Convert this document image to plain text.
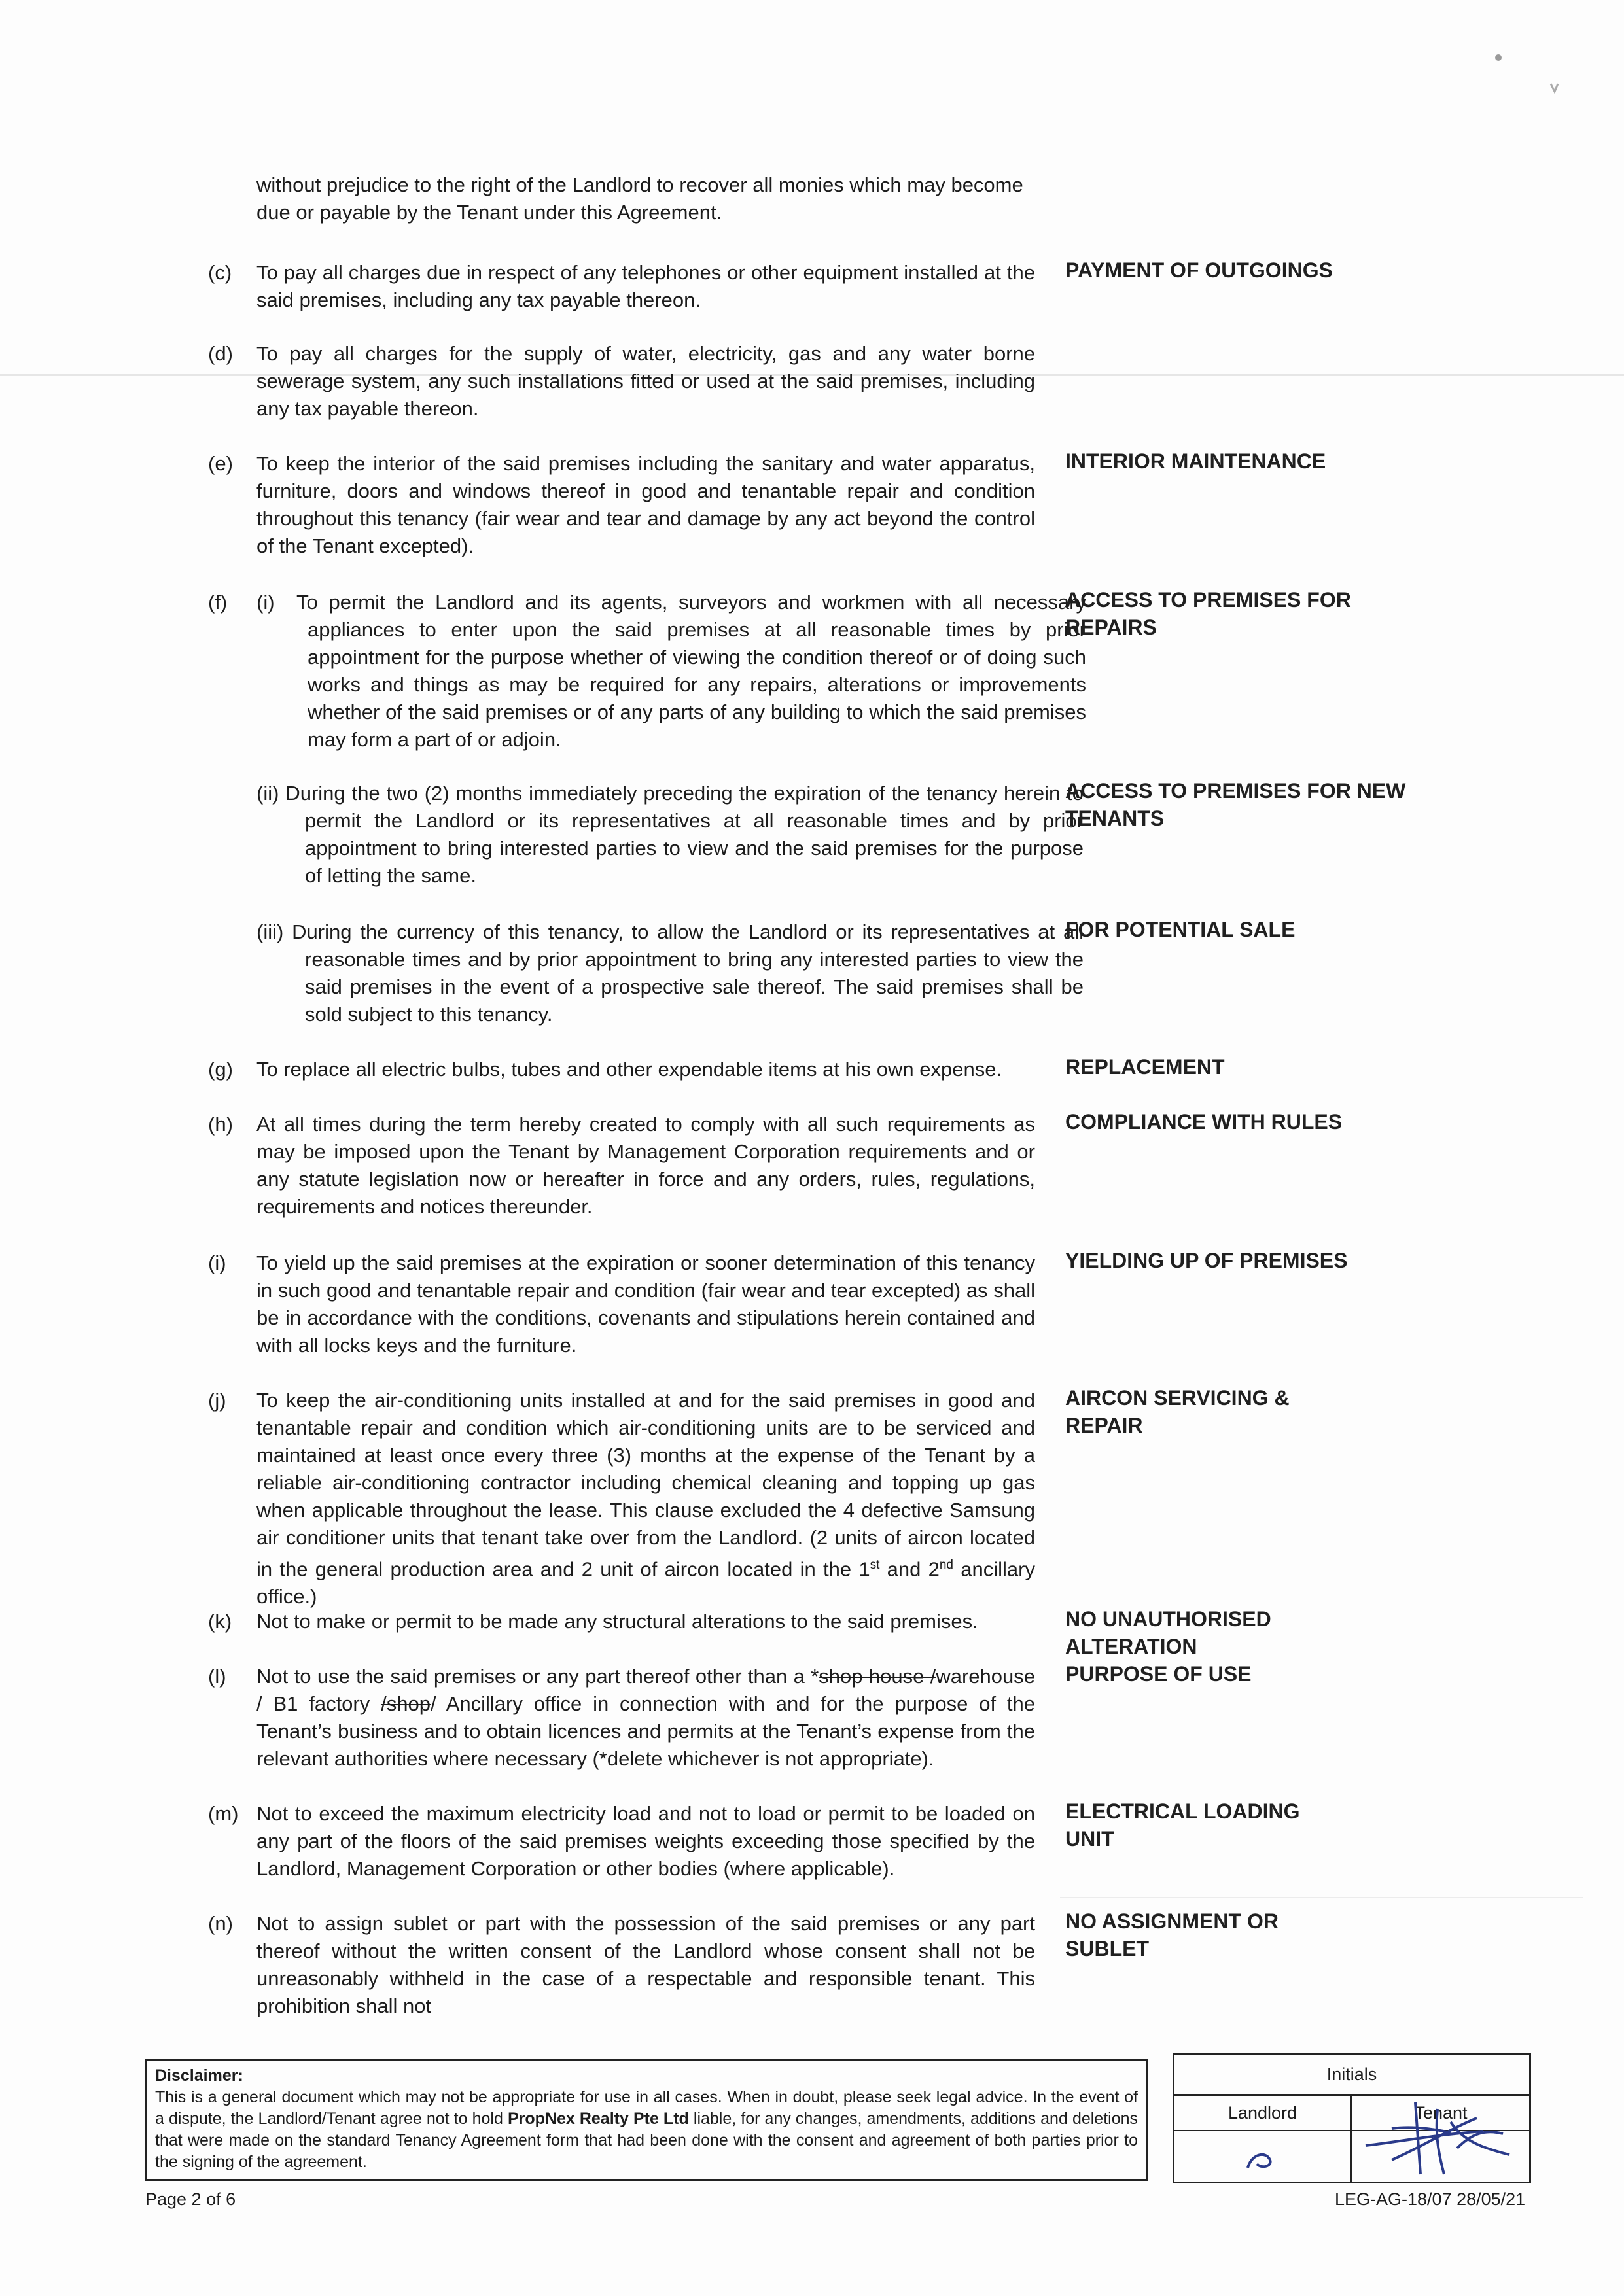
without prejudice to the right of the Landlord to recover all monies which may become due or payable by the Tenant under this Agreement.
(c) To pay all charges due in respect of any telephones or other equipment installed at the said premises, including any tax payable thereon.
PAYMENT OF OUTGOINGS
(d) To pay all charges for the supply of water, electricity, gas and any water borne sewerage system, any such installations fitted or used at the said premises, including any tax payable thereon.
(e) To keep the interior of the said premises including the sanitary and water apparatus, furniture, doors and windows thereof in good and tenantable repair and condition throughout this tenancy (fair wear and tear and damage by any act beyond the control of the Tenant excepted).
INTERIOR MAINTENANCE
(f) (i) To permit the Landlord and its agents, surveyors and workmen with all necessary appliances to enter upon the said premises at all reasonable times by prior appointment for the purpose whether of viewing the condition thereof or of doing such works and things as may be required for any repairs, alterations or improvements whether of the said premises or of any parts of any building to which the said premises may form a part of or adjoin.
ACCESS TO PREMISES FOR REPAIRS
(ii) During the two (2) months immediately preceding the expiration of the tenancy herein to permit the Landlord or its representatives at all reasonable times and by prior appointment to bring interested parties to view and the said premises for the purpose of letting the same.
ACCESS TO PREMISES FOR NEW TENANTS
(iii) During the currency of this tenancy, to allow the Landlord or its representatives at all reasonable times and by prior appointment to bring any interested parties to view the said premises in the event of a prospective sale thereof. The said premises shall be sold subject to this tenancy.
FOR POTENTIAL SALE
(g) To replace all electric bulbs, tubes and other expendable items at his own expense.	REPLACEMENT
(h) At all times during the term hereby created to comply with all such requirements as may be imposed upon the Tenant by Management Corporation requirements and or any statute legislation now or hereafter in force and any orders, rules, regulations, requirements and notices thereunder.
COMPLIANCE WITH RULES
(i) To yield up the said premises at the expiration or sooner determination of this tenancy in such good and tenantable repair and condition (fair wear and tear excepted) as shall be in accordance with the conditions, covenants and stipulations herein contained and with all locks keys and the furniture.
YIELDING UP OF PREMISES
(j) To keep the air-conditioning units installed at and for the said premises in good and tenantable repair and condition which air-conditioning units are to be serviced and maintained at least once every three (3) months at the expense of the Tenant by a reliable air-conditioning contractor including chemical cleaning and topping up gas when applicable throughout the lease. This clause excluded the 4 defective Samsung air conditioner units that tenant take over from the Landlord. (2 units of aircon located in the general production area and 2 unit of aircon located in the 1st and 2nd ancillary office.)
AIRCON SERVICING & REPAIR
(k) Not to make or permit to be made any structural alterations to the said premises.	NO UNAUTHORISED ALTERATION
(l) Not to use the said premises or any part thereof other than a *shop house /warehouse / B1 factory /shop/ Ancillary office in connection with and for the purpose of the Tenant’s business and to obtain licences and permits at the Tenant’s expense from the relevant authorities where necessary (*delete whichever is not appropriate).
PURPOSE OF USE
(m) Not to exceed the maximum electricity load and not to load or permit to be loaded on any part of the floors of the said premises weights exceeding those specified by the Landlord, Management Corporation or other bodies (where applicable).
ELECTRICAL LOADING UNIT
(n) Not to assign sublet or part with the possession of the said premises or any part thereof without the written consent of the Landlord whose consent shall not be unreasonably withheld in the case of a respectable and responsible tenant. This prohibition shall not
NO ASSIGNMENT OR SUBLET
Disclaimer:
This is a general document which may not be appropriate for use in all cases. When in doubt, please seek legal advice. In the event of a dispute, the Landlord/Tenant agree not to hold PropNex Realty Pte Ltd liable, for any changes, amendments, additions and deletions that were made on the standard Tenancy Agreement form that had been done with the consent and agreement of both parties prior to the signing of the agreement.
Initials
Landlord	Tenant
Page 2 of 6	LEG-AG-18/07 28/05/21
